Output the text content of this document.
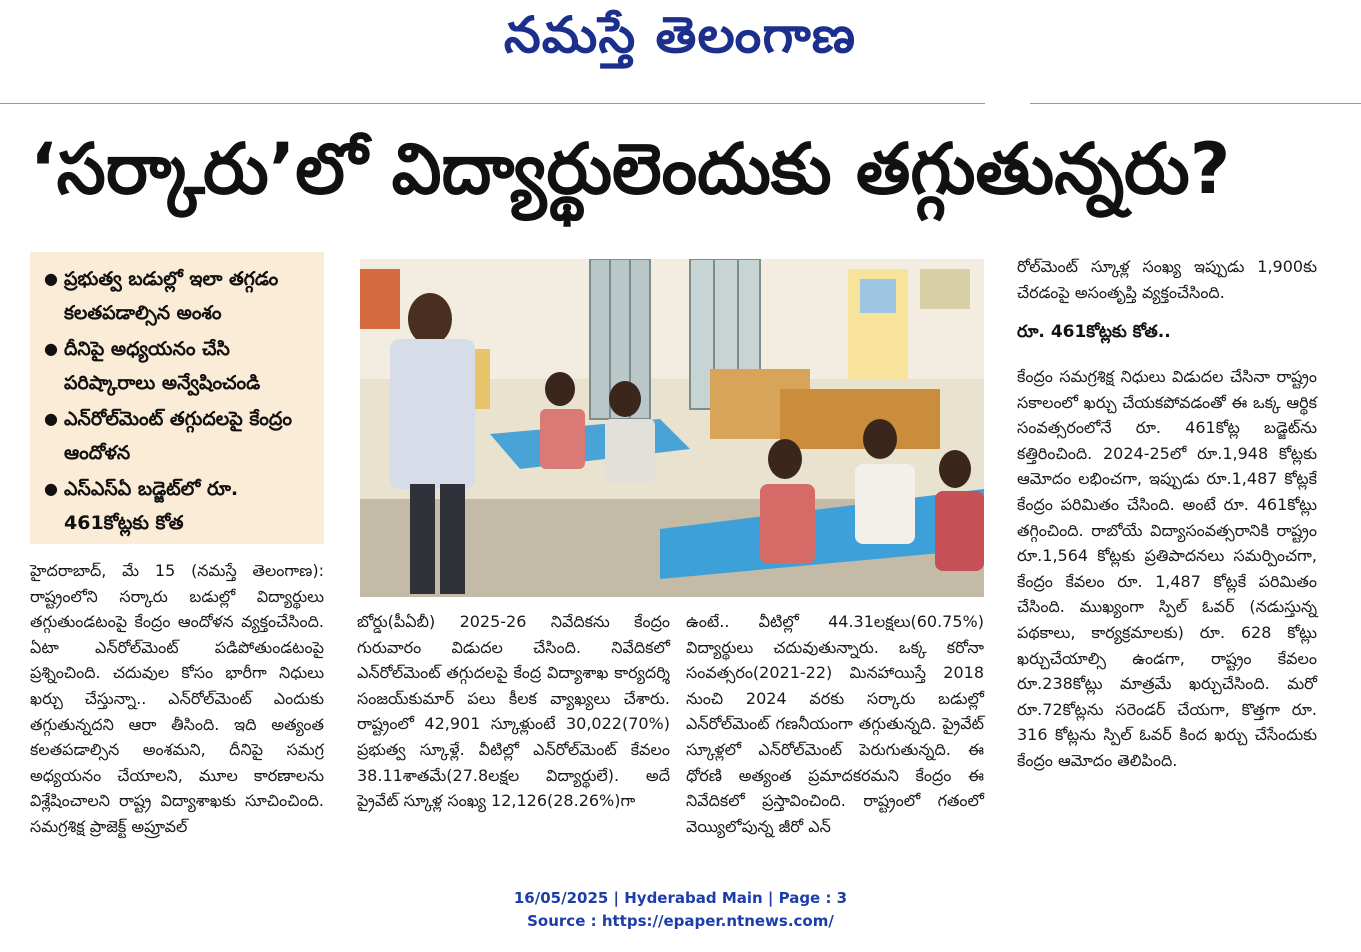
నమస్తే తెలంగాణ
‘సర్కారు’లో విద్యార్థులెందుకు తగ్గుతున్నరు?
● ప్రభుత్వ బడుల్లో ఇలా తగ్గడం కలతపడాల్సిన అంశం
● దీనిపై అధ్యయనం చేసి పరిష్కారాలు అన్వేషించండి
● ఎన్‌రోల్‌మెంట్ తగ్గుదలపై కేంద్రం ఆందోళన
● ఎస్‌ఎస్‌ఏ బడ్జెట్‌లో రూ. 461కోట్లకు కోత

హైదరాబాద్, మే 15 (నమస్తే తెలంగాణ): రాష్ట్రంలోని సర్కారు బడుల్లో విద్యార్థులు తగ్గుతుండటంపై కేంద్రం ఆందోళన వ్యక్తంచేసింది. ఏటా ఎన్‌రోల్‌మెంట్ పడిపోతుండటంపై ప్రశ్నించింది. చదువుల కోసం భారీగా నిధులు ఖర్చు చేస్తున్నా.. ఎన్‌రోల్‌మెంట్ ఎందుకు తగ్గుతున్నదని ఆరా తీసింది. ఇది అత్యంత కలతపడాల్సిన అంశమని, దీనిపై సమగ్ర అధ్యయనం చేయాలని, మూల కారణాలను విశ్లేషించాలని రాష్ట్ర విద్యాశాఖకు సూచించింది. సమగ్రశిక్ష ప్రాజెక్ట్ అప్రూవల్

బోర్డు(పీఏబీ) 2025-26 నివేదికను కేంద్రం గురువారం విడుదల చేసింది. నివేదికలో ఎన్‌రోల్‌మెంట్ తగ్గుదలపై కేంద్ర విద్యాశాఖ కార్యదర్శి సంజయ్‌కుమార్ పలు కీలక వ్యాఖ్యలు చేశారు. రాష్ట్రంలో 42,901 స్కూళ్లుంటే 30,022(70%) ప్రభుత్వ స్కూళ్లే. వీటిల్లో ఎన్‌రోల్‌మెంట్ కేవలం 38.11శాతమే(27.8లక్షల విద్యార్థులే). అదే ప్రైవేట్ స్కూళ్ల సంఖ్య 12,126(28.26%)గా

ఉంటే.. వీటిల్లో 44.31లక్షలు(60.75%) విద్యార్థులు చదువుతున్నారు. ఒక్క కరోనా సంవత్సరం(2021-22) మినహాయిస్తే 2018 నుంచి 2024 వరకు సర్కారు బడుల్లో ఎన్‌రోల్‌మెంట్ గణనీయంగా తగ్గుతున్నది. ప్రైవేట్ స్కూళ్లలో ఎన్‌రోల్‌మెంట్ పెరుగుతున్నది. ఈ ధోరణి అత్యంత ప్రమాదకరమని కేంద్రం ఈ నివేదికలో ప్రస్తావించింది. రాష్ట్రంలో గతంలో వెయ్యిలోపున్న జీరో ఎన్‌

రోల్‌మెంట్ స్కూళ్ల సంఖ్య ఇప్పుడు 1,900కు చేరడంపై అసంతృప్తి వ్యక్తంచేసింది.

రూ. 461కోట్లకు కోత..

కేంద్రం సమగ్రశిక్ష నిధులు విడుదల చేసినా రాష్ట్రం సకాలంలో ఖర్చు చేయకపోవడంతో ఈ ఒక్క ఆర్థిక సంవత్సరంలోనే రూ. 461కోట్ల బడ్జెట్‌ను కత్తిరించింది. 2024-25లో రూ.1,948 కోట్లకు ఆమోదం లభించగా, ఇప్పుడు రూ.1,487 కోట్లకే కేంద్రం పరిమితం చేసింది. అంటే రూ. 461కోట్లు తగ్గించింది. రాబోయే విద్యాసంవత్సరానికి రాష్ట్రం రూ.1,564 కోట్లకు ప్రతిపాదనలు సమర్పించగా, కేంద్రం కేవలం రూ. 1,487 కోట్లకే పరిమితం చేసింది. ముఖ్యంగా స్పిల్ ఓవర్ (నడుస్తున్న పథకాలు, కార్యక్రమాలకు) రూ. 628 కోట్లు ఖర్చుచేయాల్సి ఉండగా, రాష్ట్రం కేవలం రూ.238కోట్లు మాత్రమే ఖర్చుచేసింది. మరో రూ.72కోట్లను సరెండర్ చేయగా, కొత్తగా రూ. 316 కోట్లను స్పిల్ ఓవర్ కింద ఖర్చు చేసేందుకు కేంద్రం ఆమోదం తెలిపింది.

16/05/2025 | Hyderabad Main | Page : 3
Source : https://epaper.ntnews.com/
